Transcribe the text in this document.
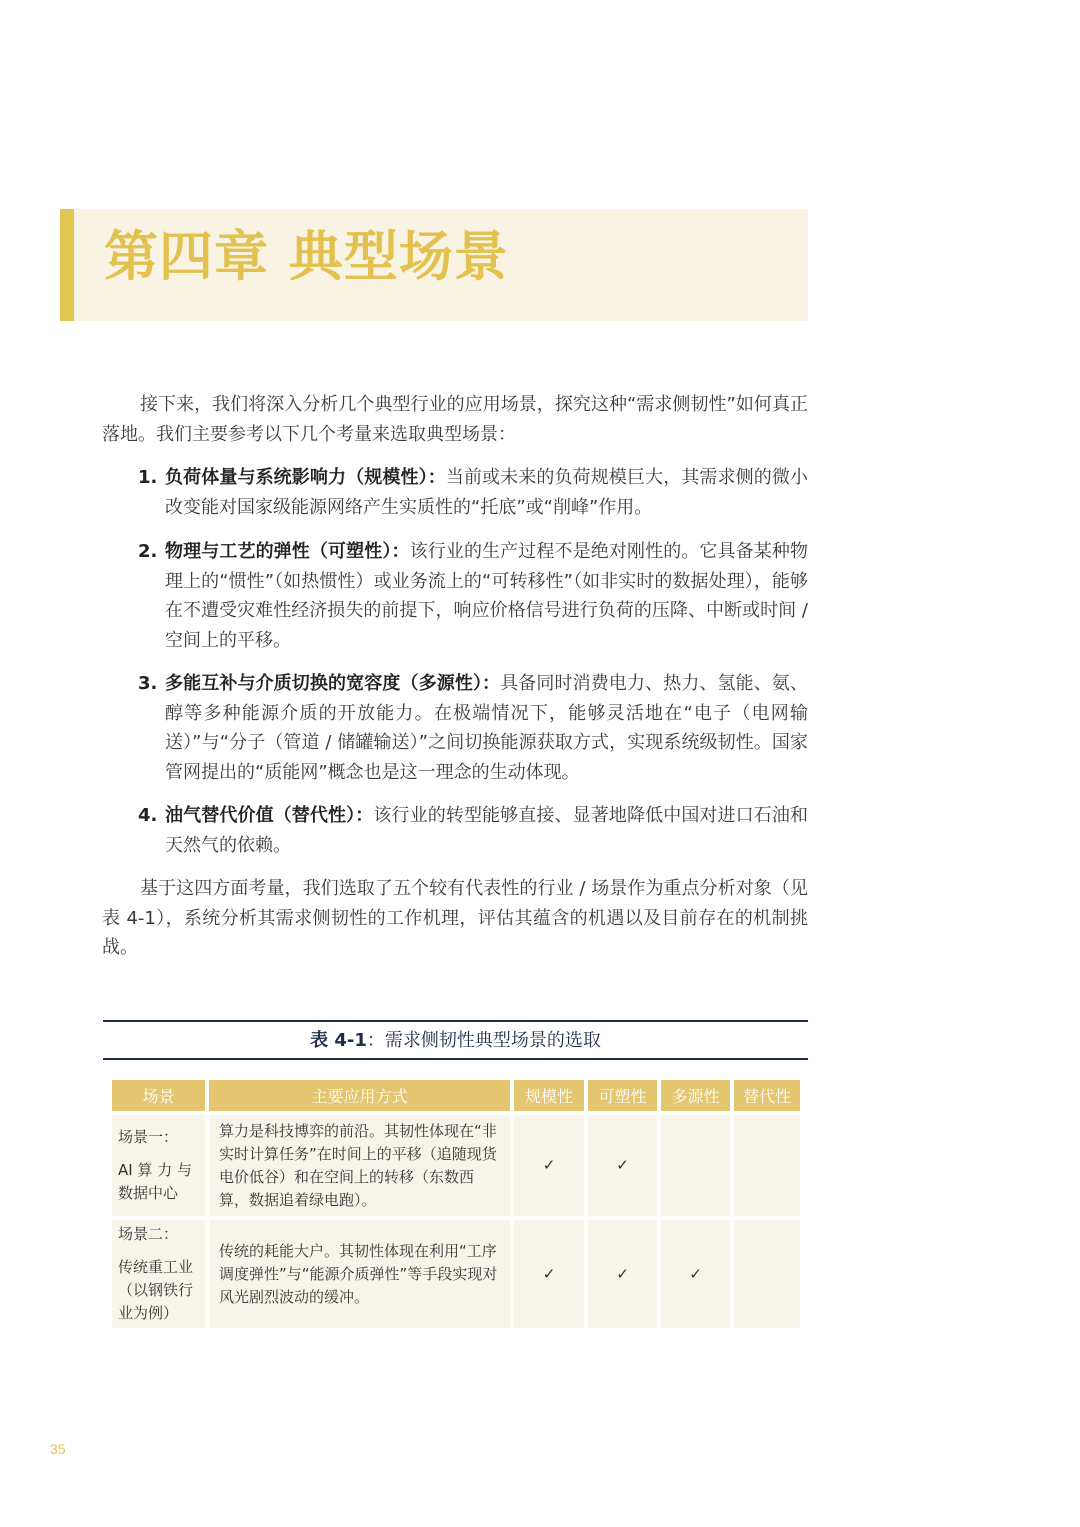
第四章 典型场景

接下来，我们将深入分析几个典型行业的应用场景，探究这种“需求侧韧性”如何真正落地。我们主要参考以下几个考量来选取典型场景：

1. 负荷体量与系统影响力（规模性）：当前或未来的负荷规模巨大，其需求侧的微小改变能对国家级能源网络产生实质性的“托底”或“削峰”作用。
2. 物理与工艺的弹性（可塑性）：该行业的生产过程不是绝对刚性的。它具备某种物理上的“惯性”（如热惯性）或业务流上的“可转移性”（如非实时的数据处理），能够在不遭受灾难性经济损失的前提下，响应价格信号进行负荷的压降、中断或时间 / 空间上的平移。
3. 多能互补与介质切换的宽容度（多源性）：具备同时消费电力、热力、氢能、氨、醇等多种能源介质的开放能力。在极端情况下，能够灵活地在“电子（电网输送）”与“分子（管道 / 储罐输送）”之间切换能源获取方式，实现系统级韧性。国家管网提出的“质能网”概念也是这一理念的生动体现。
4. 油气替代价值（替代性）：该行业的转型能够直接、显著地降低中国对进口石油和天然气的依赖。

基于这四方面考量，我们选取了五个较有代表性的行业 / 场景作为重点分析对象（见表 4-1），系统分析其需求侧韧性的工作机理，评估其蕴含的机遇以及目前存在的机制挑战。

表 4-1：需求侧韧性典型场景的选取
场景	主要应用方式	规模性	可塑性	多源性	替代性

场景一：
AI 算 力 与数据中心	算力是科技博弈的前沿。其韧性体现在“非实时计算任务”在时间上的平移（追随现货电价低谷）和在空间上的转移（东数西算，数据追着绿电跑）。	✓	✓		

场景二：
传统重工业（以钢铁行业为例）	传统的耗能大户。其韧性体现在利用“工序调度弹性”与“能源介质弹性”等手段实现对风光剧烈波动的缓冲。	✓	✓	✓	
35
